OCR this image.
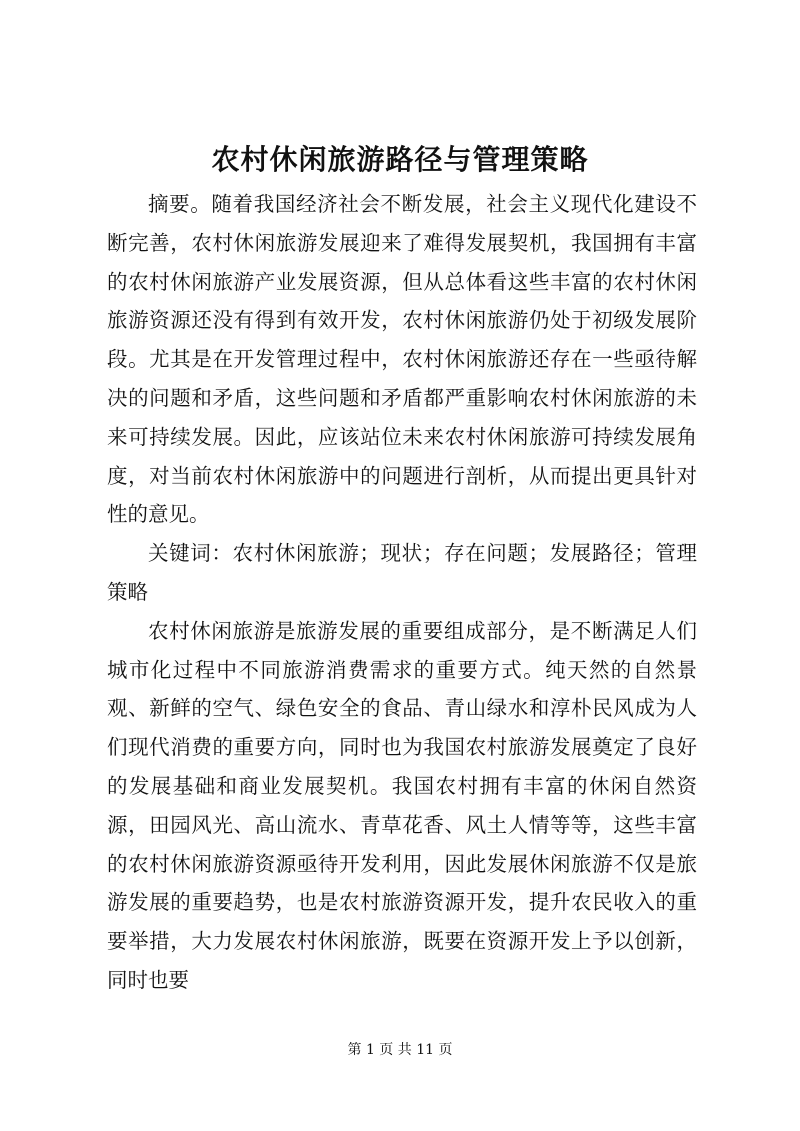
农村休闲旅游路径与管理策略

摘要。随着我国经济社会不断发展，社会主义现代化建设不断完善，农村休闲旅游发展迎来了难得发展契机，我国拥有丰富的农村休闲旅游产业发展资源，但从总体看这些丰富的农村休闲旅游资源还没有得到有效开发，农村休闲旅游仍处于初级发展阶段。尤其是在开发管理过程中，农村休闲旅游还存在一些亟待解决的问题和矛盾，这些问题和矛盾都严重影响农村休闲旅游的未来可持续发展。因此，应该站位未来农村休闲旅游可持续发展角度，对当前农村休闲旅游中的问题进行剖析，从而提出更具针对性的意见。

关键词：农村休闲旅游；现状；存在问题；发展路径；管理策略

农村休闲旅游是旅游发展的重要组成部分，是不断满足人们城市化过程中不同旅游消费需求的重要方式。纯天然的自然景观、新鲜的空气、绿色安全的食品、青山绿水和淳朴民风成为人们现代消费的重要方向，同时也为我国农村旅游发展奠定了良好的发展基础和商业发展契机。我国农村拥有丰富的休闲自然资源，田园风光、高山流水、青草花香、风土人情等等，这些丰富的农村休闲旅游资源亟待开发利用，因此发展休闲旅游不仅是旅游发展的重要趋势，也是农村旅游资源开发，提升农民收入的重要举措，大力发展农村休闲旅游，既要在资源开发上予以创新，同时也要

第 1 页 共 11 页
